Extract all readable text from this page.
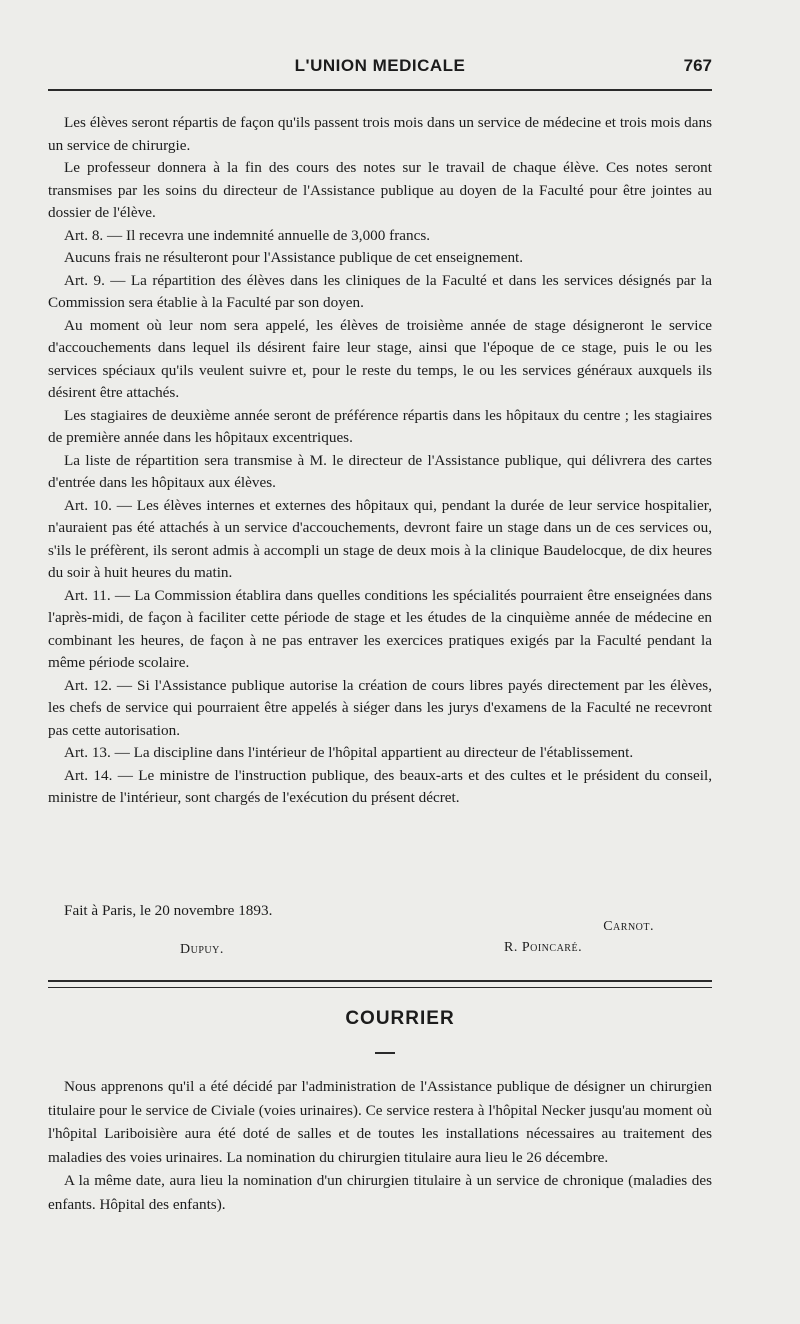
L'UNION MEDICALE	767

Les élèves seront répartis de façon qu'ils passent trois mois dans un service de médecine et trois mois dans un service de chirurgie.

Le professeur donnera à la fin des cours des notes sur le travail de chaque élève. Ces notes seront transmises par les soins du directeur de l'Assistance publique au doyen de la Faculté pour être jointes au dossier de l'élève.

Art. 8. — Il recevra une indemnité annuelle de 3,000 francs.

Aucuns frais ne résulteront pour l'Assistance publique de cet enseignement.

Art. 9. — La répartition des élèves dans les cliniques de la Faculté et dans les services désignés par la Commission sera établie à la Faculté par son doyen.

Au moment où leur nom sera appelé, les élèves de troisième année de stage désigneront le service d'accouchements dans lequel ils désirent faire leur stage, ainsi que l'époque de ce stage, puis le ou les services spéciaux qu'ils veulent suivre et, pour le reste du temps, le ou les services généraux auxquels ils désirent être attachés.

Les stagiaires de deuxième année seront de préférence répartis dans les hôpitaux du centre ; les stagiaires de première année dans les hôpitaux excentriques.

La liste de répartition sera transmise à M. le directeur de l'Assistance publique, qui délivrera des cartes d'entrée dans les hôpitaux aux élèves.

Art. 10. — Les élèves internes et externes des hôpitaux qui, pendant la durée de leur service hospitalier, n'auraient pas été attachés à un service d'accouchements, devront faire un stage dans un de ces services ou, s'ils le préfèrent, ils seront admis à accompli un stage de deux mois à la clinique Baudelocque, de dix heures du soir à huit heures du matin.

Art. 11. — La Commission établira dans quelles conditions les spécialités pourraient être enseignées dans l'après-midi, de façon à faciliter cette période de stage et les études de la cinquième année de médecine en combinant les heures, de façon à ne pas entraver les exercices pratiques exigés par la Faculté pendant la même période scolaire.

Art. 12. — Si l'Assistance publique autorise la création de cours libres payés directement par les élèves, les chefs de service qui pourraient être appelés à siéger dans les jurys d'examens de la Faculté ne recevront pas cette autorisation.

Art. 13. — La discipline dans l'intérieur de l'hôpital appartient au directeur de l'établissement.

Art. 14. — Le ministre de l'instruction publique, des beaux-arts et des cultes et le président du conseil, ministre de l'intérieur, sont chargés de l'exécution du présent décret.

Fait à Paris, le 20 novembre 1893.
Carnot.
Dupuy.	R. Poincaré.
COURRIER

Nous apprenons qu'il a été décidé par l'administration de l'Assistance publique de désigner un chirurgien titulaire pour le service de Civiale (voies urinaires). Ce service restera à l'hôpital Necker jusqu'au moment où l'hôpital Lariboisière aura été doté de salles et de toutes les installations nécessaires au traitement des maladies des voies urinaires. La nomination du chirurgien titulaire aura lieu le 26 décembre.

A la même date, aura lieu la nomination d'un chirurgien titulaire à un service de chronique (maladies des enfants. Hôpital des enfants).
